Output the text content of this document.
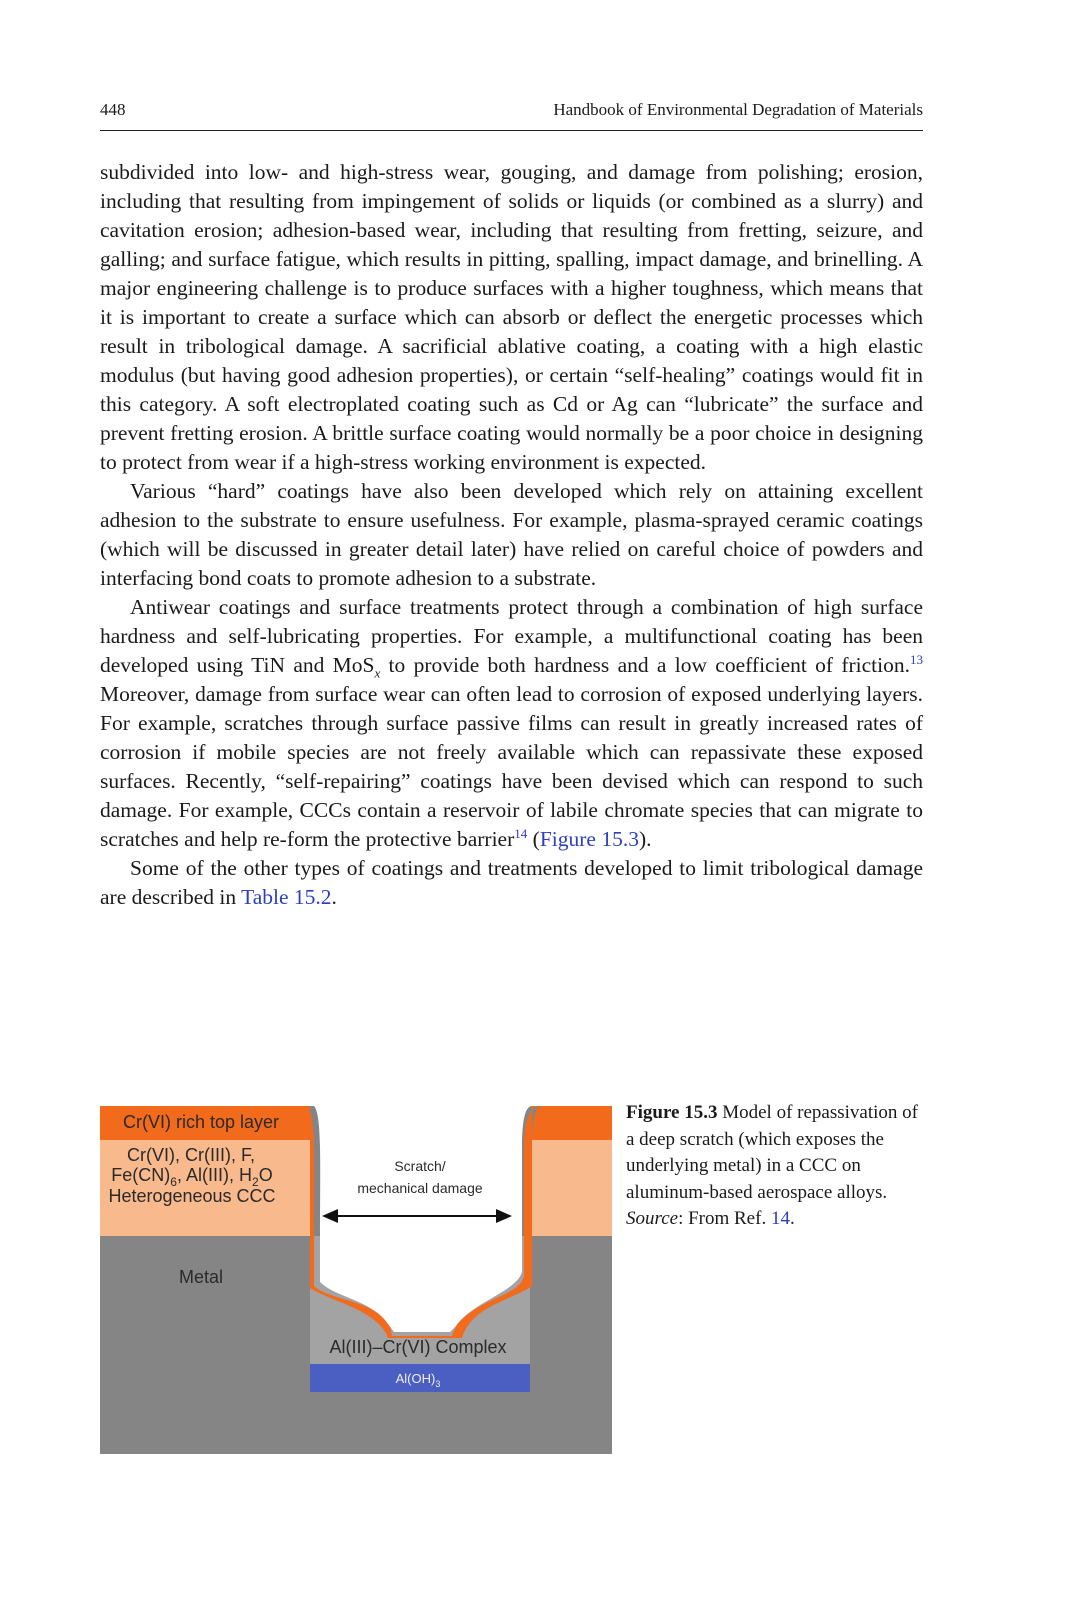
448	Handbook of Environmental Degradation of Materials

subdivided into low- and high-stress wear, gouging, and damage from polishing; erosion, including that resulting from impingement of solids or liquids (or combined as a slurry) and cavitation erosion; adhesion-based wear, including that resulting from fretting, seizure, and galling; and surface fatigue, which results in pitting, spalling, impact damage, and brinelling. A major engineering challenge is to produce surfaces with a higher toughness, which means that it is important to create a surface which can absorb or deflect the energetic processes which result in tribological damage. A sacrificial ablative coating, a coating with a high elastic modulus (but having good adhesion properties), or certain “self-healing” coatings would fit in this category. A soft electroplated coating such as Cd or Ag can “lubricate” the surface and prevent fretting erosion. A brittle surface coating would normally be a poor choice in designing to protect from wear if a high-stress working environment is expected.

Various “hard” coatings have also been developed which rely on attaining excellent adhesion to the substrate to ensure usefulness. For example, plasma-sprayed ceramic coatings (which will be discussed in greater detail later) have relied on careful choice of powders and interfacing bond coats to promote adhesion to a substrate.

Antiwear coatings and surface treatments protect through a combination of high surface hardness and self-lubricating properties. For example, a multifunctional coating has been developed using TiN and MoS$_x$ to provide both hardness and a low coefficient of friction.$^{13}$ Moreover, damage from surface wear can often lead to corrosion of exposed underlying layers. For example, scratches through surface passive films can result in greatly increased rates of corrosion if mobile species are not freely available which can repassivate these exposed surfaces. Recently, “self-repairing” coatings have been devised which can respond to such damage. For example, CCCs contain a reservoir of labile chromate species that can migrate to scratches and help re-form the protective barrier$^{14}$ (Figure 15.3).

Some of the other types of coatings and treatments developed to limit tribological damage are described in Table 15.2.

Cr(VI) rich top layer
Cr(VI), Cr(III), F,
$Fe(CN)_6$, Al(III), $H_2O$
Heterogeneous CCC
Metal
Scratch/
mechanical damage
Al(III)–Cr(VI) Complex
$Al(OH)_3$
Figure 15.3 Model of repassivation of a deep scratch (which exposes the underlying metal) in a CCC on aluminum-based aerospace alloys.
Source: From Ref. 14.
